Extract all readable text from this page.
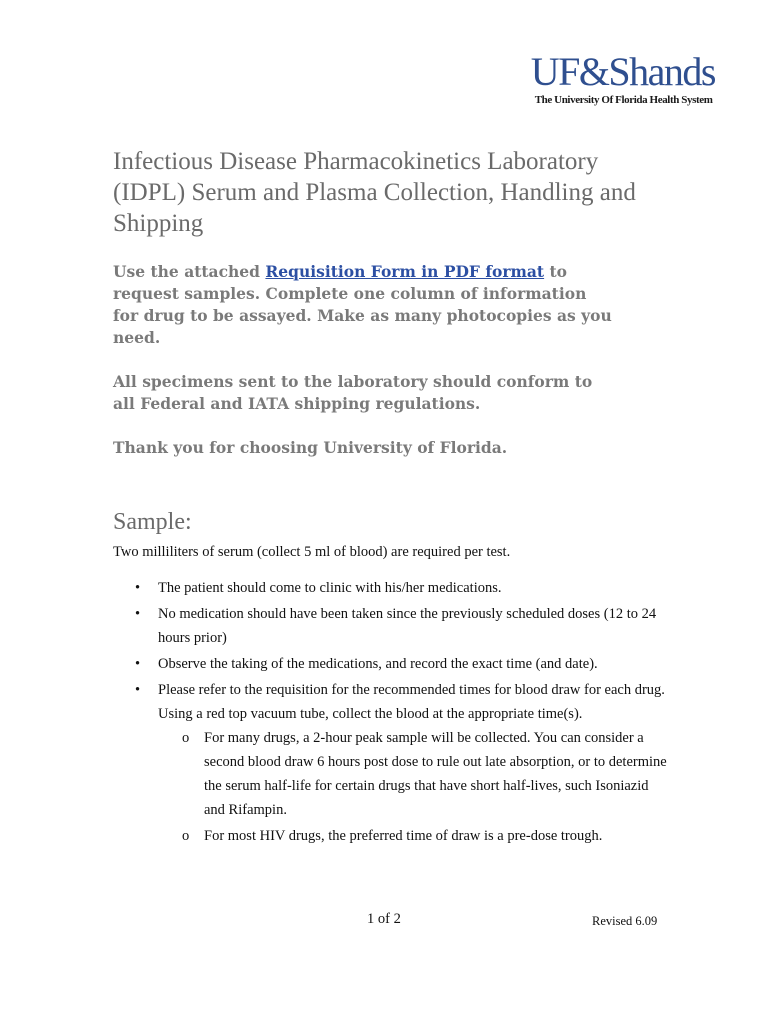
UF&Shands
The University Of Florida Health System
Infectious Disease Pharmacokinetics Laboratory (IDPL) Serum and Plasma Collection, Handling and Shipping

Use the attached Requisition Form in PDF format to request samples. Complete one column of information for drug to be assayed. Make as many photocopies as you need.

All specimens sent to the laboratory should conform to all Federal and IATA shipping regulations.

Thank you for choosing University of Florida.

Sample:

Two milliliters of serum (collect 5 ml of blood) are required per test.

• The patient should come to clinic with his/her medications.
• No medication should have been taken since the previously scheduled doses (12 to 24 hours prior)
• Observe the taking of the medications, and record the exact time (and date).
• Please refer to the requisition for the recommended times for blood draw for each drug. Using a red top vacuum tube, collect the blood at the appropriate time(s).
o For many drugs, a 2-hour peak sample will be collected. You can consider a second blood draw 6 hours post dose to rule out late absorption, or to determine the serum half-life for certain drugs that have short half-lives, such Isoniazid and Rifampin.
o For most HIV drugs, the preferred time of draw is a pre-dose trough.
1 of 2	Revised 6.09
